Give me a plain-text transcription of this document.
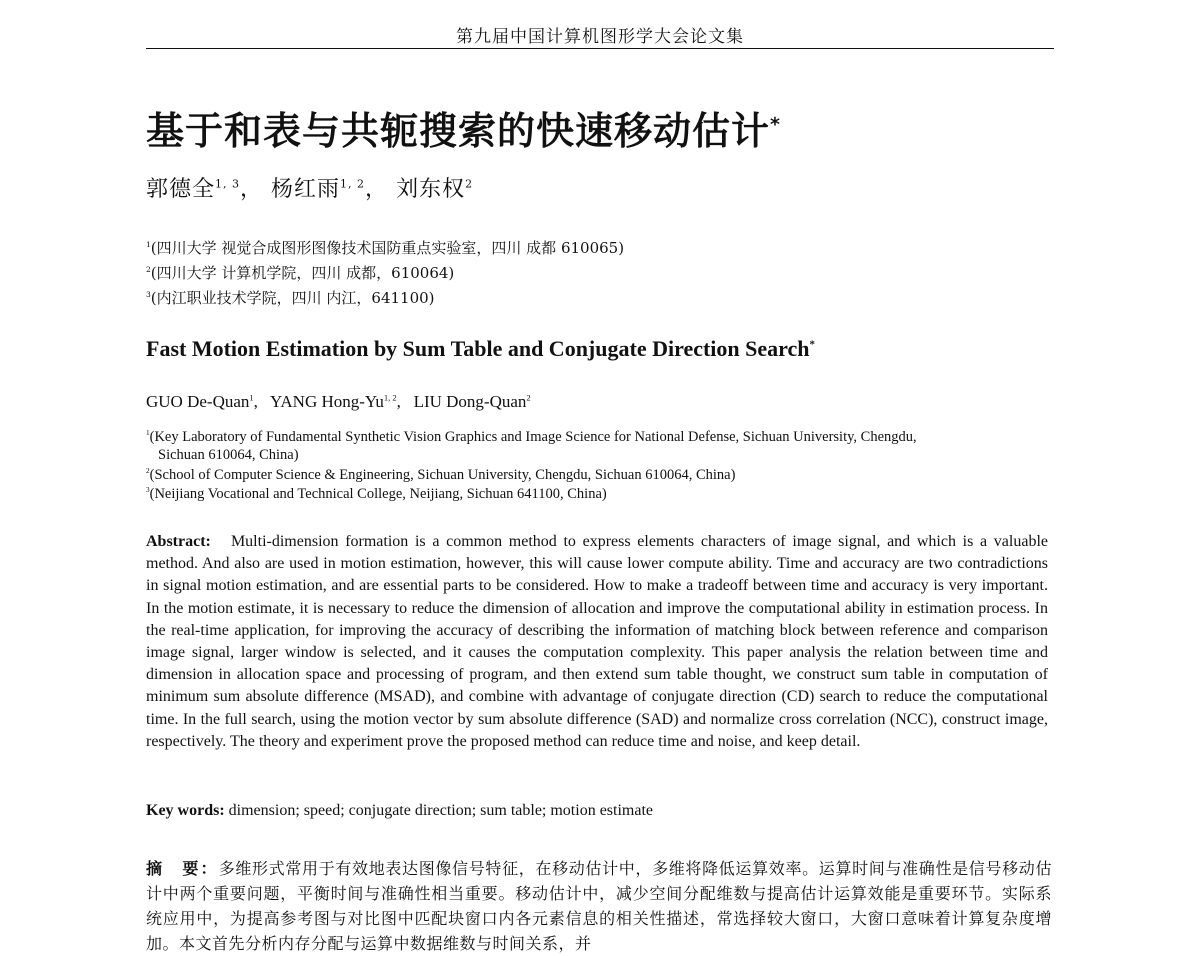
第九届中国计算机图形学大会论文集
基于和表与共轭搜索的快速移动估计*
郭德全$^{1, 3}$， 杨红雨$^{1, 2}$， 刘东权$^2$
$^1$(四川大学 视觉合成图形图像技术国防重点实验室，四川 成都 610065)
$^2$(四川大学 计算机学院，四川 成都，610064)
$^3$(内江职业技术学院，四川 内江，641100)
Fast Motion Estimation by Sum Table and Conjugate Direction Search*
GUO De-Quan$^1$, YANG Hong-Yu$^{1, 2}$, LIU Dong-Quan$^2$
$^1$(Key Laboratory of Fundamental Synthetic Vision Graphics and Image Science for National Defense, Sichuan University, Chengdu,
Sichuan 610064, China)
$^2$(School of Computer Science & Engineering, Sichuan University, Chengdu, Sichuan 610064, China)
$^3$(Neijiang Vocational and Technical College, Neijiang, Sichuan 641100, China)
Abstract: Multi-dimension formation is a common method to express elements characters of image signal, and which is a valuable method. And also are used in motion estimation, however, this will cause lower compute ability. Time and accuracy are two contradictions in signal motion estimation, and are essential parts to be considered. How to make a tradeoff between time and accuracy is very important. In the motion estimate, it is necessary to reduce the dimension of allocation and improve the computational ability in estimation process. In the real-time application, for improving the accuracy of describing the information of matching block between reference and comparison image signal, larger window is selected, and it causes the computation complexity. This paper analysis the relation between time and dimension in allocation space and processing of program, and then extend sum table thought, we construct sum table in computation of minimum sum absolute difference (MSAD), and combine with advantage of conjugate direction (CD) search to reduce the computational time. In the full search, using the motion vector by sum absolute difference (SAD) and normalize cross correlation (NCC), construct image, respectively. The theory and experiment prove the proposed method can reduce time and noise, and keep detail.
Key words: dimension; speed; conjugate direction; sum table; motion estimate
摘　要：多维形式常用于有效地表达图像信号特征，在移动估计中，多维将降低运算效率。运算时间与准确性是信号移动估计中两个重要问题，平衡时间与准确性相当重要。移动估计中，减少空间分配维数与提高估计运算效能是重要环节。实际系统应用中，为提高参考图与对比图中匹配块窗口内各元素信息的相关性描述，常选择较大窗口，大窗口意味着计算复杂度增加。本文首先分析内存分配与运算中数据维数与时间关系，并
